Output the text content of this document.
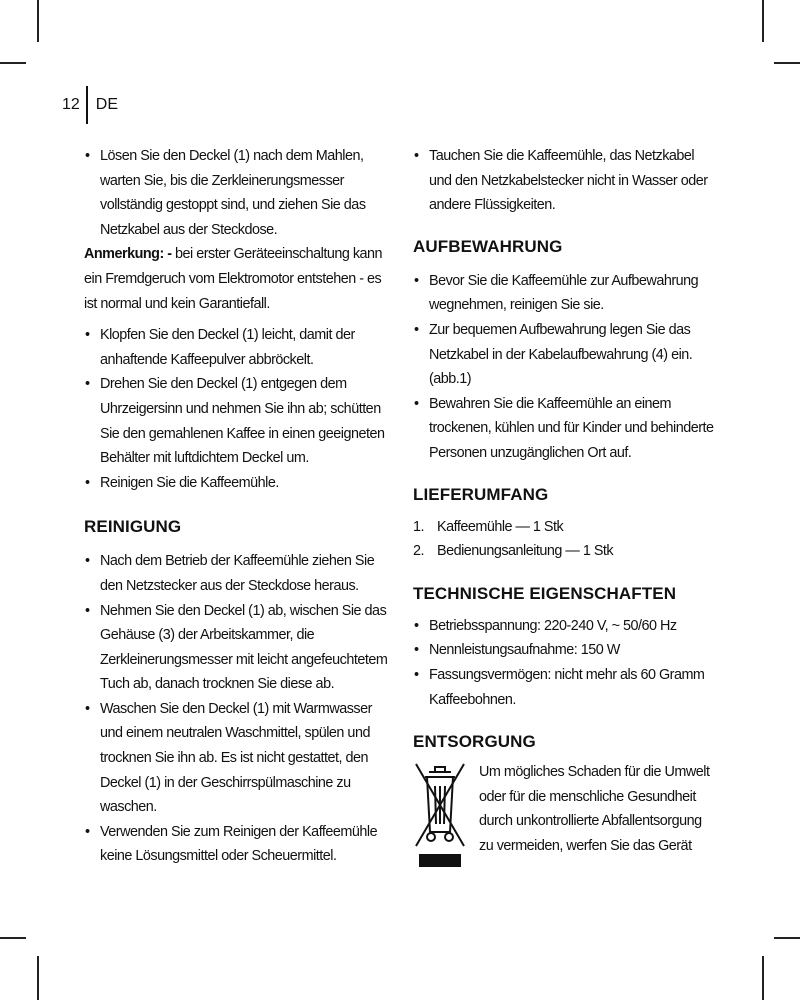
12 DE
• Lösen Sie den Deckel (1) nach dem Mahlen, warten Sie, bis die Zerkleinerungsmesser vollständig gestoppt sind, und ziehen Sie das Netzkabel aus der Steckdose.

Anmerkung: - bei erster Geräteeinschaltung kann ein Fremdgeruch vom Elektromotor entstehen - es ist normal und kein Garantiefall.

• Klopfen Sie den Deckel (1) leicht, damit der anhaftende Kaffeepulver abbröckelt.
• Drehen Sie den Deckel (1) entgegen dem Uhrzeigersinn und nehmen Sie ihn ab; schütten Sie den gemahlenen Kaffee in einen geeigneten Behälter mit luftdichtem Deckel um.
• Reinigen Sie die Kaffeemühle.
REINIGUNG
• Nach dem Betrieb der Kaffeemühle ziehen Sie den Netzstecker aus der Steckdose heraus.
• Nehmen Sie den Deckel (1) ab, wischen Sie das Gehäuse (3) der Arbeitskammer, die Zerkleinerungsmesser mit leicht angefeuchtetem Tuch ab, danach trocknen Sie diese ab.
• Waschen Sie den Deckel (1) mit Warmwasser und einem neutralen Waschmittel, spülen und trocknen Sie ihn ab. Es ist nicht gestattet, den Deckel (1) in der Geschirrspülmaschine zu waschen.
• Verwenden Sie zum Reinigen der Kaffeemühle keine Lösungsmittel oder Scheuermittel.
• Tauchen Sie die Kaffeemühle, das Netzkabel und den Netzkabelstecker nicht in Wasser oder andere Flüssigkeiten.
AUFBEWAHRUNG
• Bevor Sie die Kaffeemühle zur Aufbewahrung wegnehmen, reinigen Sie sie.
• Zur bequemen Aufbewahrung legen Sie das Netzkabel in der Kabelaufbewahrung (4) ein. (abb.1)
• Bewahren Sie die Kaffeemühle an einem trockenen, kühlen und für Kinder und behinderte Personen unzugänglichen Ort auf.
LIEFERUMFANG
1. Kaffeemühle — 1 Stk
2. Bedienungsanleitung — 1 Stk
TECHNISCHE EIGENSCHAFTEN
• Betriebsspannung: 220-240 V, ~ 50/60 Hz
• Nennleistungsaufnahme: 150 W
• Fassungsvermögen: nicht mehr als 60 Gramm Kaffeebohnen.
ENTSORGUNG

Um mögliches Schaden für die Umwelt oder für die menschliche Gesundheit durch unkontrollierte Abfallentsorgung zu vermeiden, werfen Sie das Gerät
